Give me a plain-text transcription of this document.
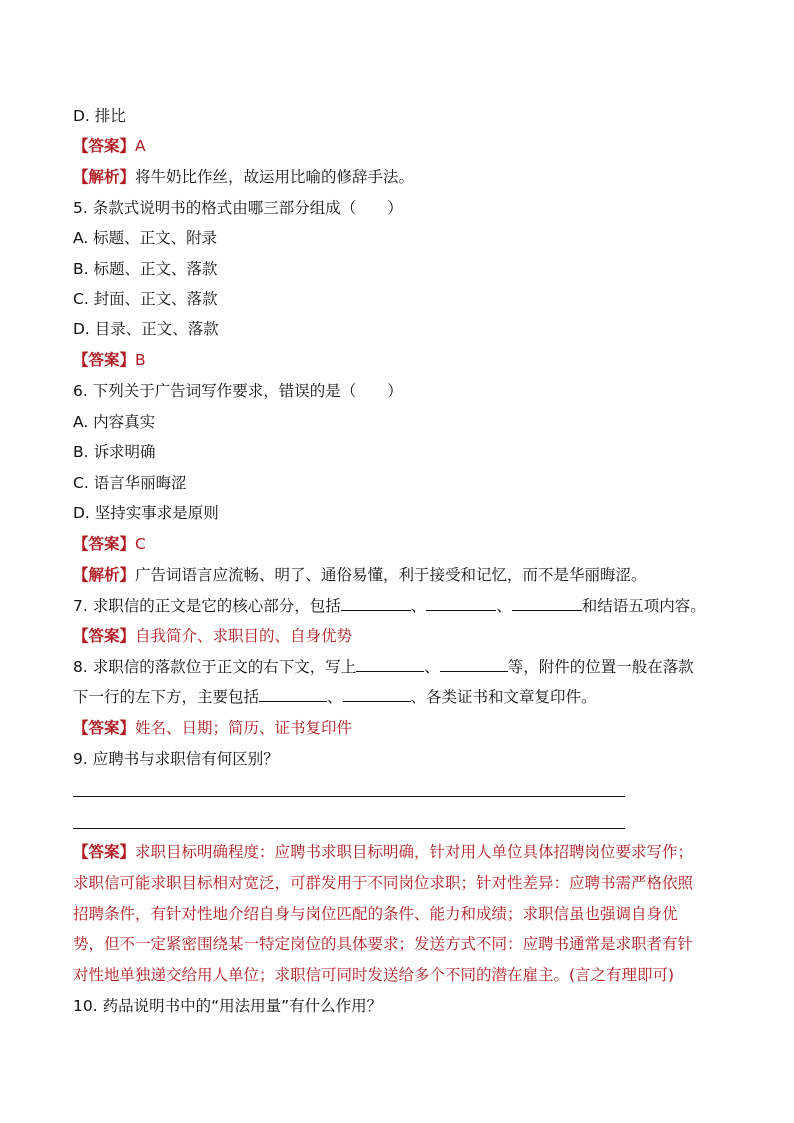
D. 排比
【答案】A
【解析】将牛奶比作丝，故运用比喻的修辞手法。
5. 条款式说明书的格式由哪三部分组成（　　）
A. 标题、正文、附录
B. 标题、正文、落款
C. 封面、正文、落款
D. 目录、正文、落款
【答案】B
6. 下列关于广告词写作要求，错误的是（　　）
A. 内容真实
B. 诉求明确
C. 语言华丽晦涩
D. 坚持实事求是原则
【答案】C
【解析】广告词语言应流畅、明了、通俗易懂，利于接受和记忆，而不是华丽晦涩。
7. 求职信的正文是它的核心部分，包括	、	、	和结语五项内容。
【答案】自我简介、求职目的、自身优势
8. 求职信的落款位于正文的右下文，写上	、	等，附件的位置一般在落款
下一行的左下方，主要包括	、	、各类证书和文章复印件。
【答案】姓名、日期；简历、证书复印件
9. 应聘书与求职信有何区别？
【答案】求职目标明确程度：应聘书求职目标明确，针对用人单位具体招聘岗位要求写作；
求职信可能求职目标相对宽泛，可群发用于不同岗位求职；针对性差异：应聘书需严格依照
招聘条件，有针对性地介绍自身与岗位匹配的条件、能力和成绩；求职信虽也强调自身优
势，但不一定紧密围绕某一特定岗位的具体要求；发送方式不同：应聘书通常是求职者有针
对性地单独递交给用人单位；求职信可同时发送给多个不同的潜在雇主。(言之有理即可)
10. 药品说明书中的“用法用量”有什么作用？
